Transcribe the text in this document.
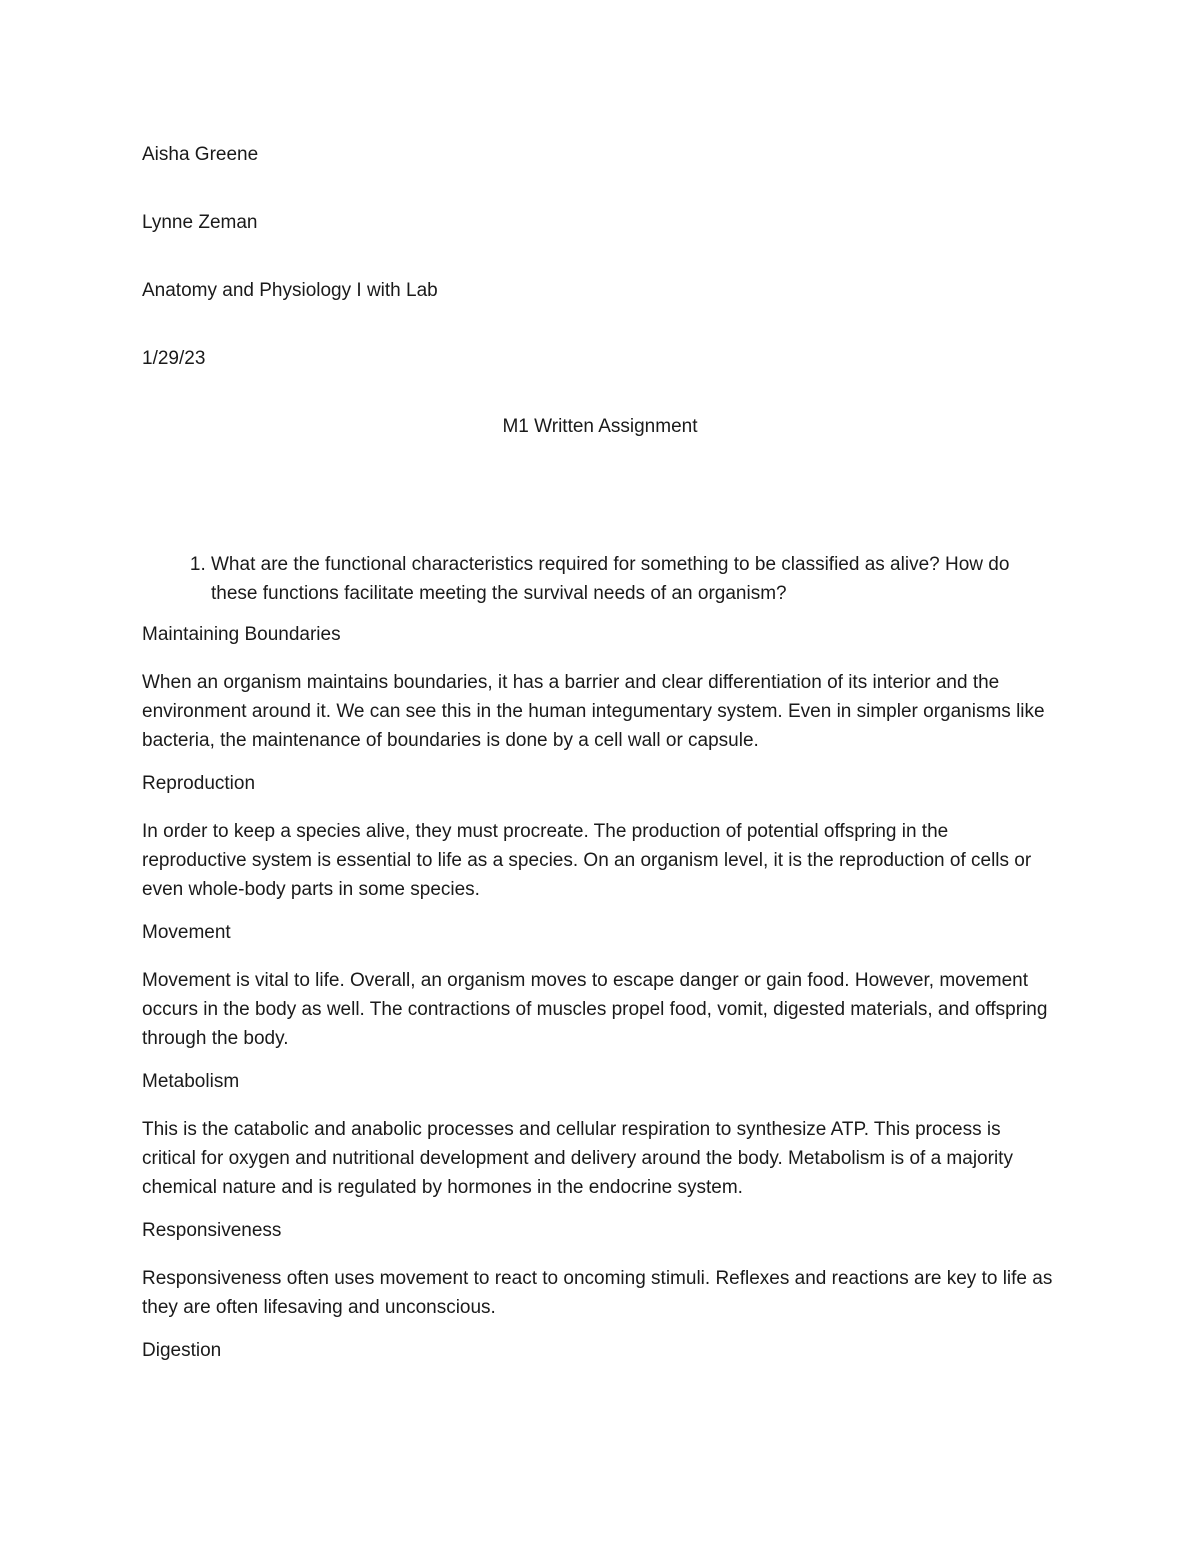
Aisha Greene
Lynne Zeman
Anatomy and Physiology I with Lab
1/29/23
M1 Written Assignment
1. What are the functional characteristics required for something to be classified as alive? How do these functions facilitate meeting the survival needs of an organism?
Maintaining Boundaries
When an organism maintains boundaries, it has a barrier and clear differentiation of its interior and the environment around it. We can see this in the human integumentary system. Even in simpler organisms like bacteria, the maintenance of boundaries is done by a cell wall or capsule.
Reproduction
In order to keep a species alive, they must procreate. The production of potential offspring in the reproductive system is essential to life as a species. On an organism level, it is the reproduction of cells or even whole-body parts in some species.
Movement
Movement is vital to life. Overall, an organism moves to escape danger or gain food. However, movement occurs in the body as well. The contractions of muscles propel food, vomit, digested materials, and offspring through the body.
Metabolism
This is the catabolic and anabolic processes and cellular respiration to synthesize ATP. This process is critical for oxygen and nutritional development and delivery around the body. Metabolism is of a majority chemical nature and is regulated by hormones in the endocrine system.
Responsiveness
Responsiveness often uses movement to react to oncoming stimuli. Reflexes and reactions are key to life as they are often lifesaving and unconscious.
Digestion
